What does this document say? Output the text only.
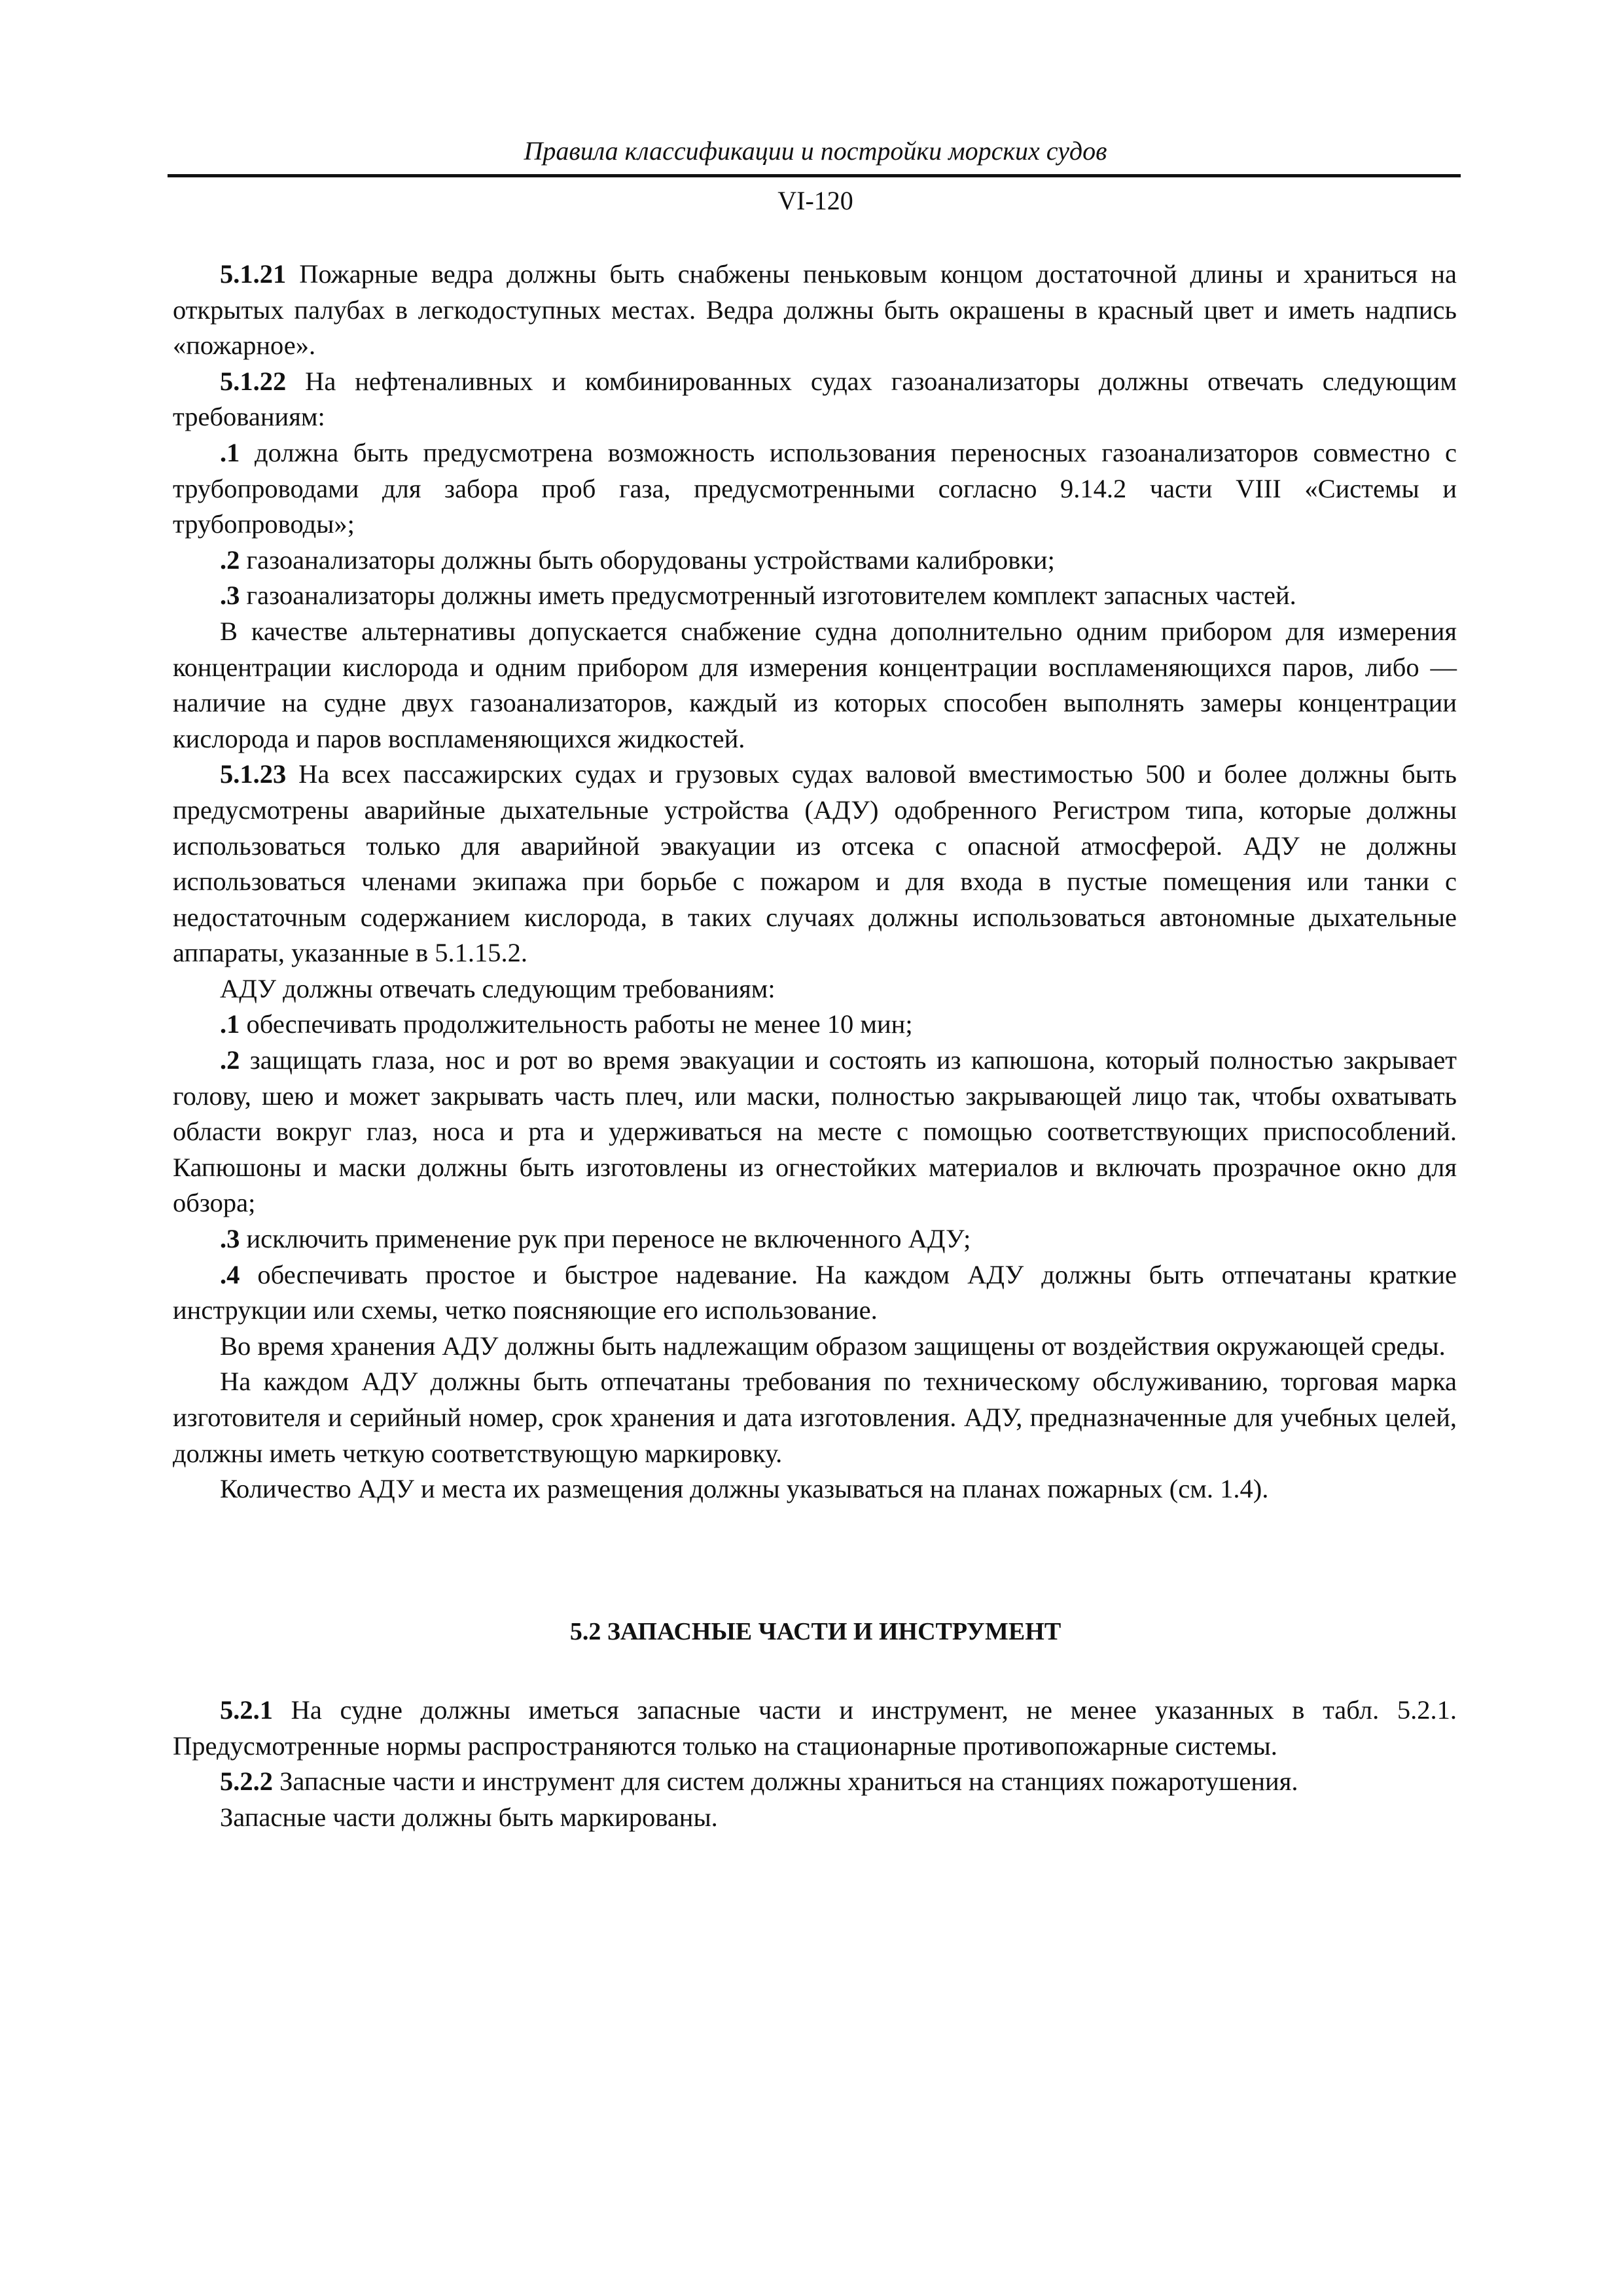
Правила классификации и постройки морских судов
VI-120

5.1.21 Пожарные ведра должны быть снабжены пеньковым концом достаточной длины и храниться на открытых палубах в легкодоступных местах. Ведра должны быть окрашены в красный цвет и иметь надпись «пожарное».

5.1.22 На нефтеналивных и комбинированных судах газоанализаторы должны отвечать следующим требованиям:

.1 должна быть предусмотрена возможность использования переносных газоанализаторов совместно с трубопроводами для забора проб газа, предусмотренными согласно 9.14.2 части VIII «Системы и трубопроводы»;

.2 газоанализаторы должны быть оборудованы устройствами калибровки;

.3 газоанализаторы должны иметь предусмотренный изготовителем комплект запасных частей.

В качестве альтернативы допускается снабжение судна дополнительно одним прибором для измерения концентрации кислорода и одним прибором для измерения концентрации воспламеняющихся паров, либо — наличие на судне двух газоанализаторов, каждый из которых способен выполнять замеры концентрации кислорода и паров воспламеняющихся жидкостей.

5.1.23 На всех пассажирских судах и грузовых судах валовой вместимостью 500 и более должны быть предусмотрены аварийные дыхательные устройства (АДУ) одобренного Регистром типа, которые должны использоваться только для аварийной эвакуации из отсека с опасной атмосферой. АДУ не должны использоваться членами экипажа при борьбе с пожаром и для входа в пустые помещения или танки с недостаточным содержанием кислорода, в таких случаях должны использоваться автономные дыхательные аппараты, указанные в 5.1.15.2.

АДУ должны отвечать следующим требованиям:

.1 обеспечивать продолжительность работы не менее 10 мин;

.2 защищать глаза, нос и рот во время эвакуации и состоять из капюшона, который полностью закрывает голову, шею и может закрывать часть плеч, или маски, полностью закрывающей лицо так, чтобы охватывать области вокруг глаз, носа и рта и удерживаться на месте с помощью соответствующих приспособлений. Капюшоны и маски должны быть изготовлены из огнестойких материалов и включать прозрачное окно для обзора;

.3 исключить применение рук при переносе не включенного АДУ;

.4 обеспечивать простое и быстрое надевание. На каждом АДУ должны быть отпечатаны краткие инструкции или схемы, четко поясняющие его использование.

Во время хранения АДУ должны быть надлежащим образом защищены от воздействия окружающей среды.

На каждом АДУ должны быть отпечатаны требования по техническому обслуживанию, торговая марка изготовителя и серийный номер, срок хранения и дата изготовления. АДУ, предназначенные для учебных целей, должны иметь четкую соответствующую маркировку.

Количество АДУ и места их размещения должны указываться на планах пожарных (см. 1.4).

5.2 ЗАПАСНЫЕ ЧАСТИ И ИНСТРУМЕНТ

5.2.1 На судне должны иметься запасные части и инструмент, не менее указанных в табл. 5.2.1. Предусмотренные нормы распространяются только на стационарные противопожарные системы.

5.2.2 Запасные части и инструмент для систем должны храниться на станциях пожаротушения.

Запасные части должны быть маркированы.
